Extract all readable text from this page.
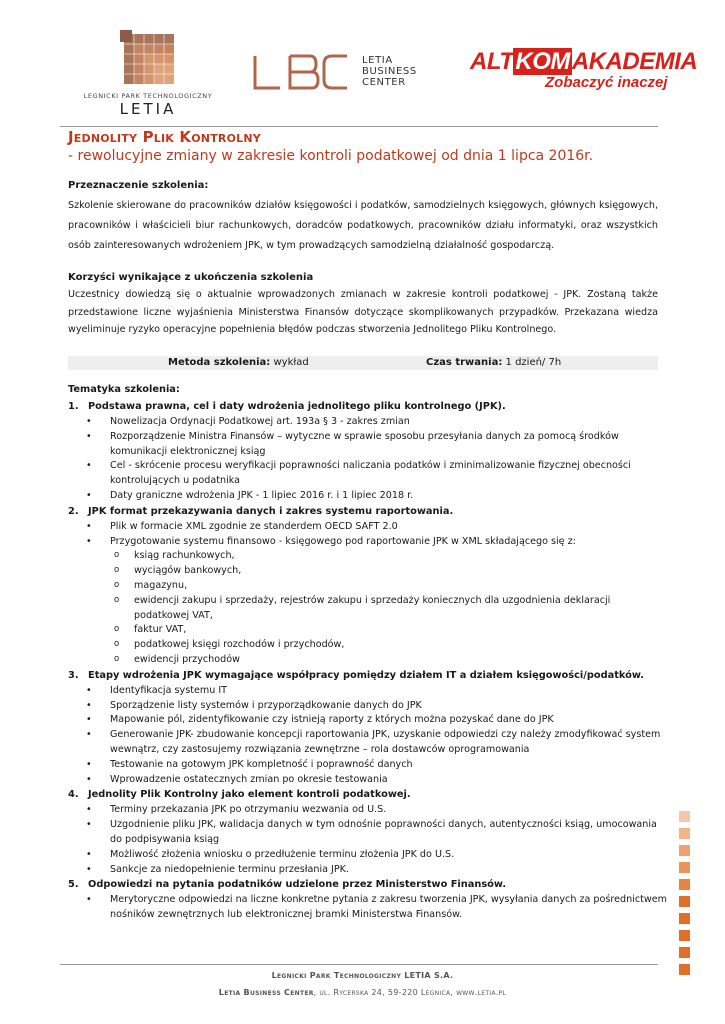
LEGNICKI PARK TECHNOLOGICZNY
LETIA
LETIA
BUSINESS
CENTER
ALTKOMAKADEMIA
Zobaczyć inaczej
Jednolity Plik Kontrolny
- rewolucyjne zmiany w zakresie kontroli podatkowej od dnia 1 lipca 2016r.

Przeznaczenie szkolenia:

Szkolenie skierowane do pracowników działów księgowości i podatków, samodzielnych księgowych, głównych księgowych, pracowników i właścicieli biur rachunkowych, doradców podatkowych, pracowników działu informatyki, oraz wszystkich osób zainteresowanych wdrożeniem JPK, w tym prowadzących samodzielną działalność gospodarczą.

Korzyści wynikające z ukończenia szkolenia

Uczestnicy dowiedzą się o aktualnie wprowadzonych zmianach w zakresie kontroli podatkowej - JPK. Zostaną także przedstawione liczne wyjaśnienia Ministerstwa Finansów dotyczące skomplikowanych przypadków. Przekazana wiedza wyeliminuje ryzyko operacyjne popełnienia błędów podczas stworzenia Jednolitego Pliku Kontrolnego.

Metoda szkolenia: wykład	Czas trwania: 1 dzień/ 7h

Tematyka szkolenia:

1. Podstawa prawna, cel i daty wdrożenia jednolitego pliku kontrolnego (JPK).

• Nowelizacja Ordynacji Podatkowej art. 193a § 3 - zakres zmian
• Rozporządzenie Ministra Finansów – wytyczne w sprawie sposobu przesyłania danych za pomocą środków komunikacji elektronicznej ksiąg
• Cel - skrócenie procesu weryfikacji poprawności naliczania podatków i zminimalizowanie fizycznej obecności kontrolujących u podatnika
• Daty graniczne wdrożenia JPK - 1 lipiec 2016 r. i 1 lipiec 2018 r.

2. JPK format przekazywania danych i zakres systemu raportowania.

• Plik w formacie XML zgodnie ze standerdem OECD SAFT 2.0
• Przygotowanie systemu finansowo - księgowego pod raportowanie JPK w XML składającego się z:
o ksiąg rachunkowych,
o wyciągów bankowych,
o magazynu,
o ewidencji zakupu i sprzedaży, rejestrów zakupu i sprzedaży koniecznych dla uzgodnienia deklaracji podatkowej VAT,
o faktur VAT,
o podatkowej księgi rozchodów i przychodów,
o ewidencji przychodów

3. Etapy wdrożenia JPK wymagające współpracy pomiędzy działem IT a działem księgowości/podatków.

• Identyfikacja systemu IT
• Sporządzenie listy systemów i przyporządkowanie danych do JPK
• Mapowanie pól, zidentyfikowanie czy istnieją raporty z których można pozyskać dane do JPK
• Generowanie JPK- zbudowanie koncepcji raportowania JPK, uzyskanie odpowiedzi czy należy zmodyfikować system wewnątrz, czy zastosujemy rozwiązania zewnętrzne – rola dostawców oprogramowania
• Testowanie na gotowym JPK kompletność i poprawność danych
• Wprowadzenie ostatecznych zmian po okresie testowania

4. Jednolity Plik Kontrolny jako element kontroli podatkowej.

• Terminy przekazania JPK po otrzymaniu wezwania od U.S.
• Uzgodnienie pliku JPK, walidacja danych w tym odnośnie poprawności danych, autentyczności ksiąg, umocowania do podpisywania ksiąg
• Możliwość złożenia wniosku o przedłużenie terminu złożenia JPK do U.S.
• Sankcje za niedopełnienie terminu przesłania JPK.

5. Odpowiedzi na pytania podatników udzielone przez Ministerstwo Finansów.

• Merytoryczne odpowiedzi na liczne konkretne pytania z zakresu tworzenia JPK, wysyłania danych za pośrednictwem nośników zewnętrznych lub elektronicznej bramki Ministerstwa Finansów.
Legnicki Park Technologiczny LETIA S.A.
Letia Business Center, ul. Rycerska 24, 59-220 Legnica, www.letia.pl
